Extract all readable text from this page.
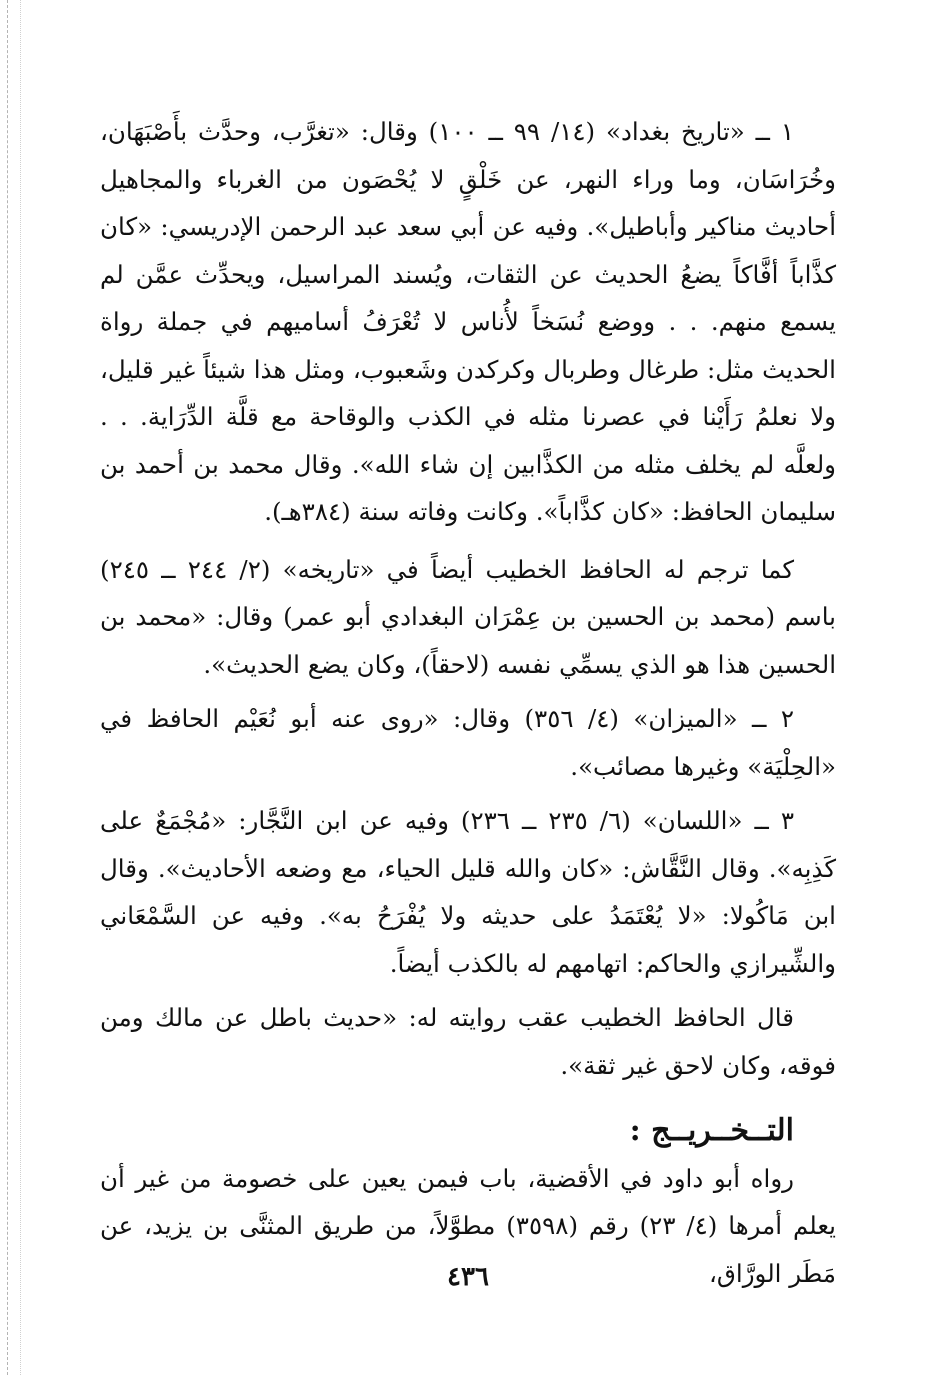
١ ــ «تاريخ بغداد» (١٤/ ٩٩ ــ ١٠٠) وقال: «تغرَّب، وحدَّث بأَصْبَهَان، وخُرَاسَان، وما وراء النهر، عن خَلْقٍ لا يُحْصَون من الغرباء والمجاهيل أحاديث مناكير وأباطيل». وفيه عن أبي سعد عبد الرحمن الإدريسي: «كان كذَّاباً أفَّاكاً يضعُ الحديث عن الثقات، ويُسند المراسيل، ويحدِّث عمَّن لم يسمع منهم. . . ووضع نُسَخاً لأُناس لا تُعْرَفُ أساميهم في جملة رواة الحديث مثل: طرغال وطربال وكركدن وشَعبوب، ومثل هذا شيئاً غير قليل، ولا نعلمُ رَأَيْنا في عصرنا مثله في الكذب والوقاحة مع قلَّة الدِّرَاية. . . ولعلَّه لم يخلف مثله من الكذَّابين إن شاء الله». وقال محمد بن أحمد بن سليمان الحافظ: «كان كذَّاباً». وكانت وفاته سنة (٣٨٤هـ).

كما ترجم له الحافظ الخطيب أيضاً في «تاريخه» (٢/ ٢٤٤ ــ ٢٤٥) باسم (محمد بن الحسين بن عِمْرَان البغدادي أبو عمر) وقال: «محمد بن الحسين هذا هو الذي يسمِّي نفسه (لاحقاً)، وكان يضع الحديث».

٢ ــ «الميزان» (٤/ ٣٥٦) وقال: «روى عنه أبو نُعَيْم الحافظ في «الحِلْيَة» وغيرها مصائب».

٣ ــ «اللسان» (٦/ ٢٣٥ ــ ٢٣٦) وفيه عن ابن النَّجَّار: «مُجْمَعٌ على كَذِبِه». وقال النَّقَّاش: «كان والله قليل الحياء، مع وضعه الأحاديث». وقال ابن مَاكُولا: «لا يُعْتَمَدُ على حديثه ولا يُفْرَحُ به». وفيه عن السَّمْعَاني والشِّيرازي والحاكم: اتهامهم له بالكذب أيضاً.

قال الحافظ الخطيب عقب روايته له: «حديث باطل عن مالك ومن فوقه، وكان لاحق غير ثقة».

التــخــريــج :

رواه أبو داود في الأقضية، باب فيمن يعين على خصومة من غير أن يعلم أمرها (٤/ ٢٣) رقم (٣٥٩٨) مطوَّلاً، من طريق المثنَّى بن يزيد، عن مَطَر الورَّاق،

٤٣٦
